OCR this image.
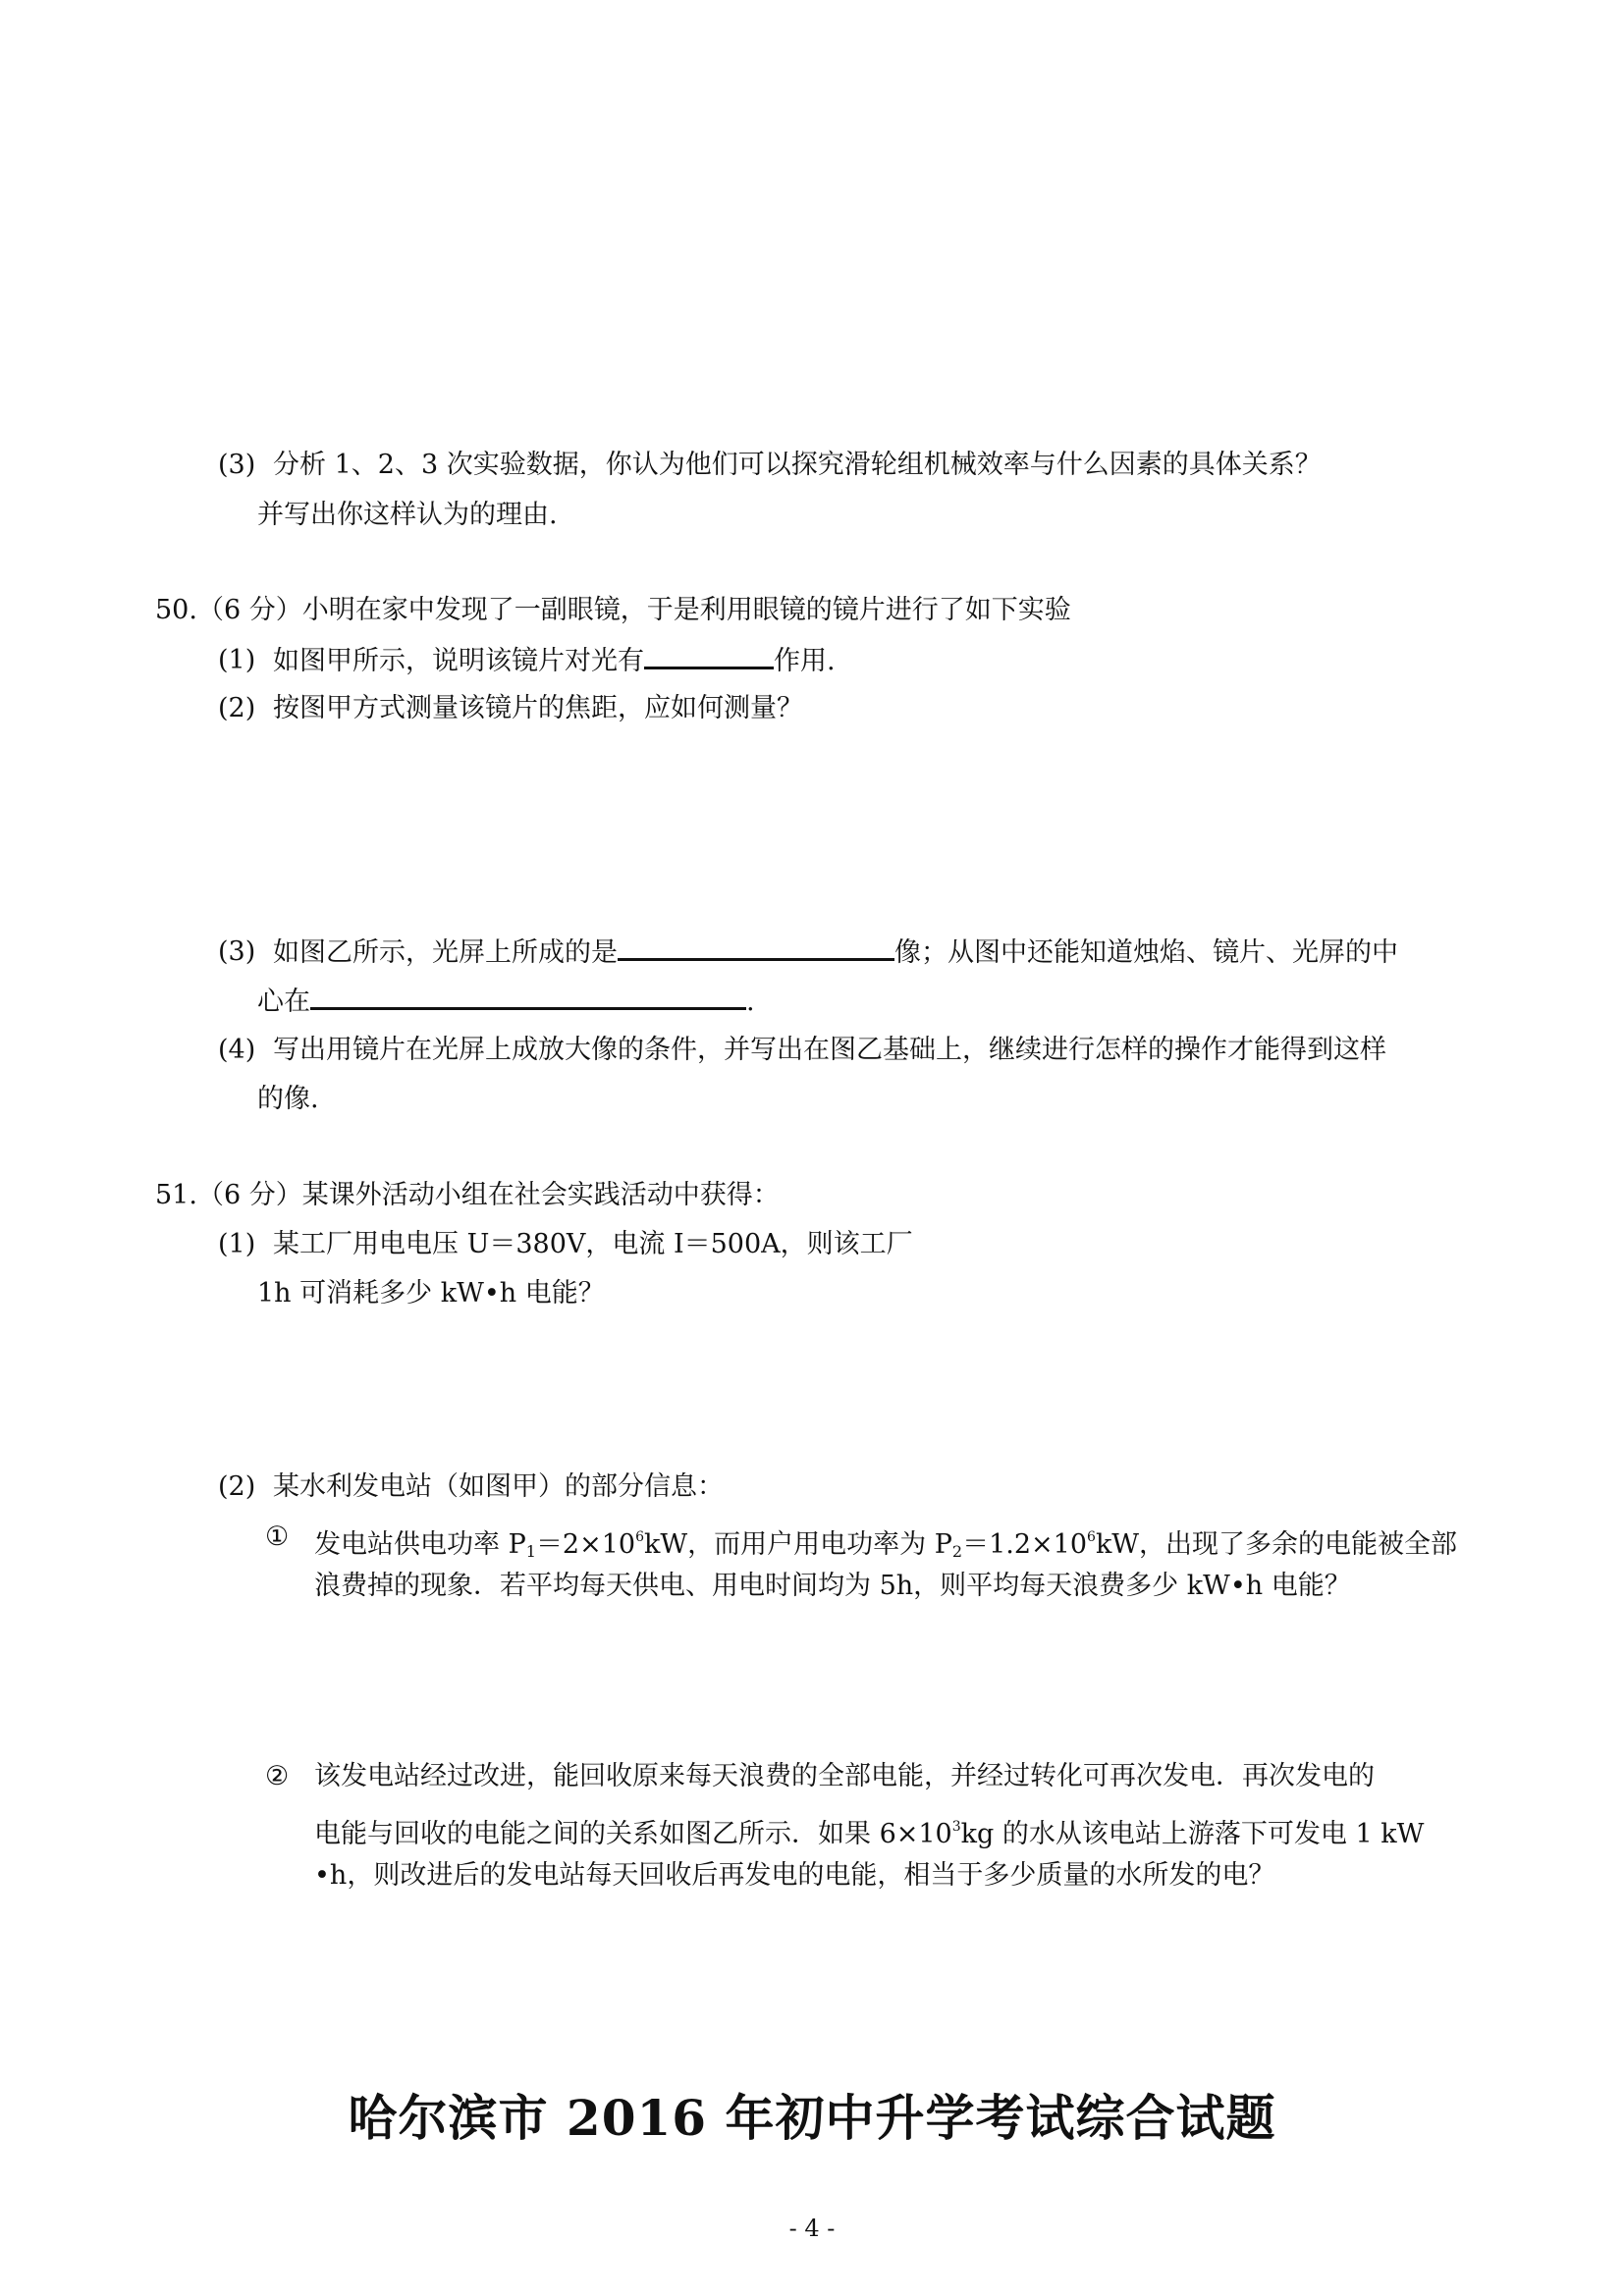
(3) 分析 1、2、3 次实验数据，你认为他们可以探究滑轮组机械效率与什么因素的具体关系？
并写出你这样认为的理由.
50.（6 分）小明在家中发现了一副眼镜，于是利用眼镜的镜片进行了如下实验
(1) 如图甲所示，说明该镜片对光有	作用.
(2) 按图甲方式测量该镜片的焦距，应如何测量？
(3) 如图乙所示，光屏上所成的是	像；从图中还能知道烛焰、镜片、光屏的中
心在	.
(4) 写出用镜片在光屏上成放大像的条件，并写出在图乙基础上，继续进行怎样的操作才能得到这样
的像.
51.（6 分）某课外活动小组在社会实践活动中获得：
(1) 某工厂用电电压 U＝380V，电流 I＝500A，则该工厂
1h 可消耗多少 kW•h 电能？
(2) 某水利发电站（如图甲）的部分信息：
① 发电站供电功率 $P_1=2\times 10^6kW$，而用户用电功率为 $P_2=1.2\times 10^6kW$，出现了多余的电能被全部
浪费掉的现象．若平均每天供电、用电时间均为 5h，则平均每天浪费多少 kW•h 电能？
② 该发电站经过改进，能回收原来每天浪费的全部电能，并经过转化可再次发电．再次发电的
电能与回收的电能之间的关系如图乙所示．如果 $6\times 10^3kg$ 的水从该电站上游落下可发电 1 kW
•h，则改进后的发电站每天回收后再发电的电能，相当于多少质量的水所发的电？
哈尔滨市 2016 年初中升学考试综合试题
- 4 -
